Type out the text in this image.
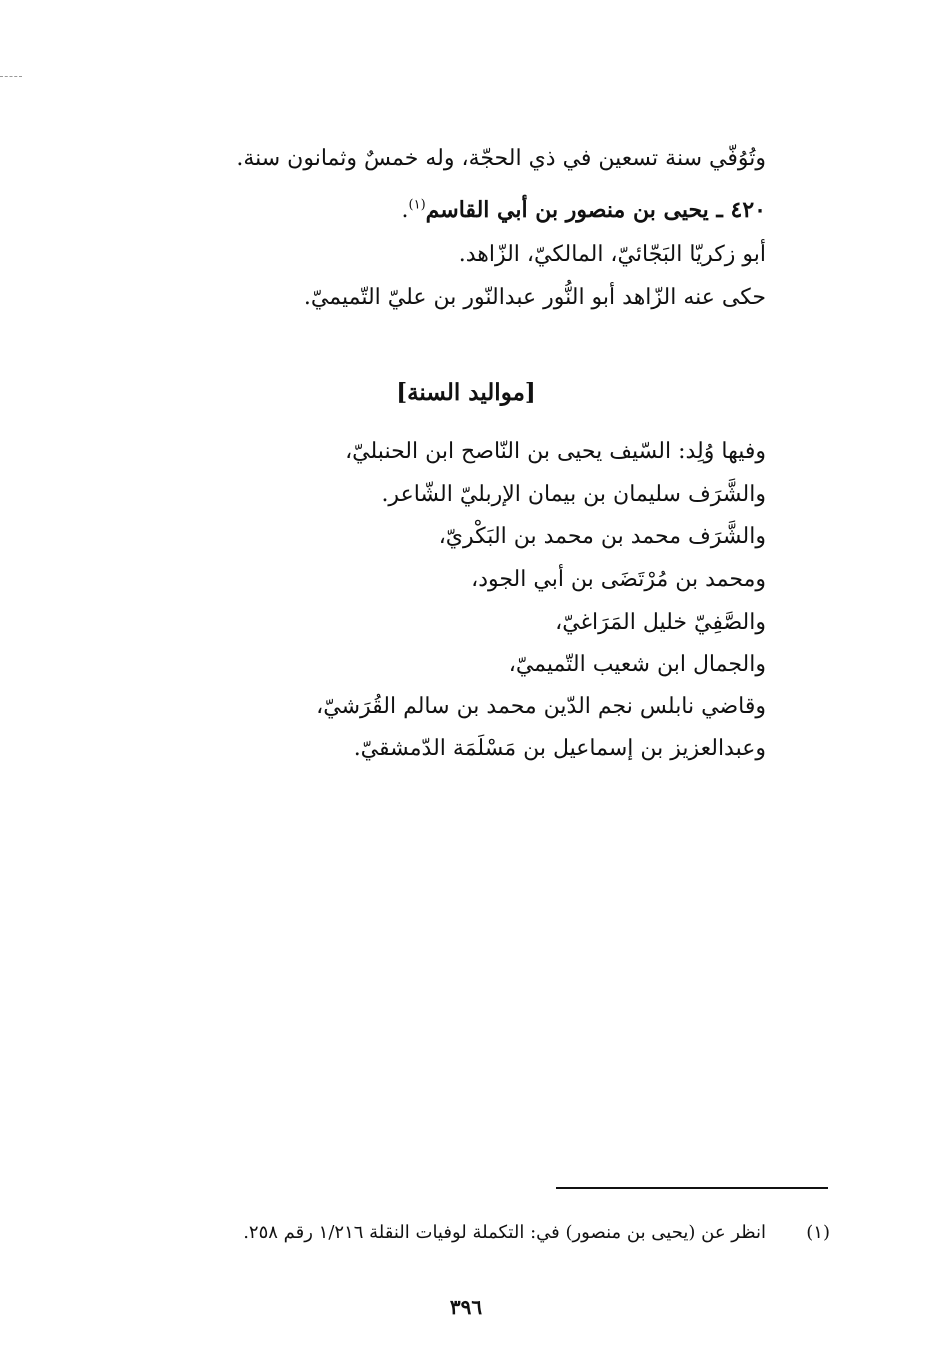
وتُوُفّي سنة تسعين في ذي الحجّة، وله خمسٌ وثمانون سنة.
٤٢٠ ـ يحيى بن منصور بن أبي القاسم$^{(١)}$.
أبو زكريّا البَجّائيّ، المالكيّ، الزّاهد.
حكى عنه الزّاهد أبو النُّور عبدالنّور بن عليّ التّميميّ.
[مواليد السنة]
وفيها وُلِد: السّيف يحيى بن النّاصح ابن الحنبليّ،
والشَّرَف سليمان بن بيمان الإربليّ الشّاعر.
والشَّرَف محمد بن محمد بن البَكْريّ،
ومحمد بن مُرْتَضَى بن أبي الجود،
والصَّفِيّ خليل المَرَاغيّ،
والجمال ابن شعيب التّميميّ،
وقاضي نابلس نجم الدّين محمد بن سالم القُرَشيّ،
وعبدالعزيز بن إسماعيل بن مَسْلَمَة الدّمشقيّ.
(١)
انظر عن (يحيى بن منصور) في: التكملة لوفيات النقلة ١/٢١٦ رقم ٢٥٨.
٣٩٦
